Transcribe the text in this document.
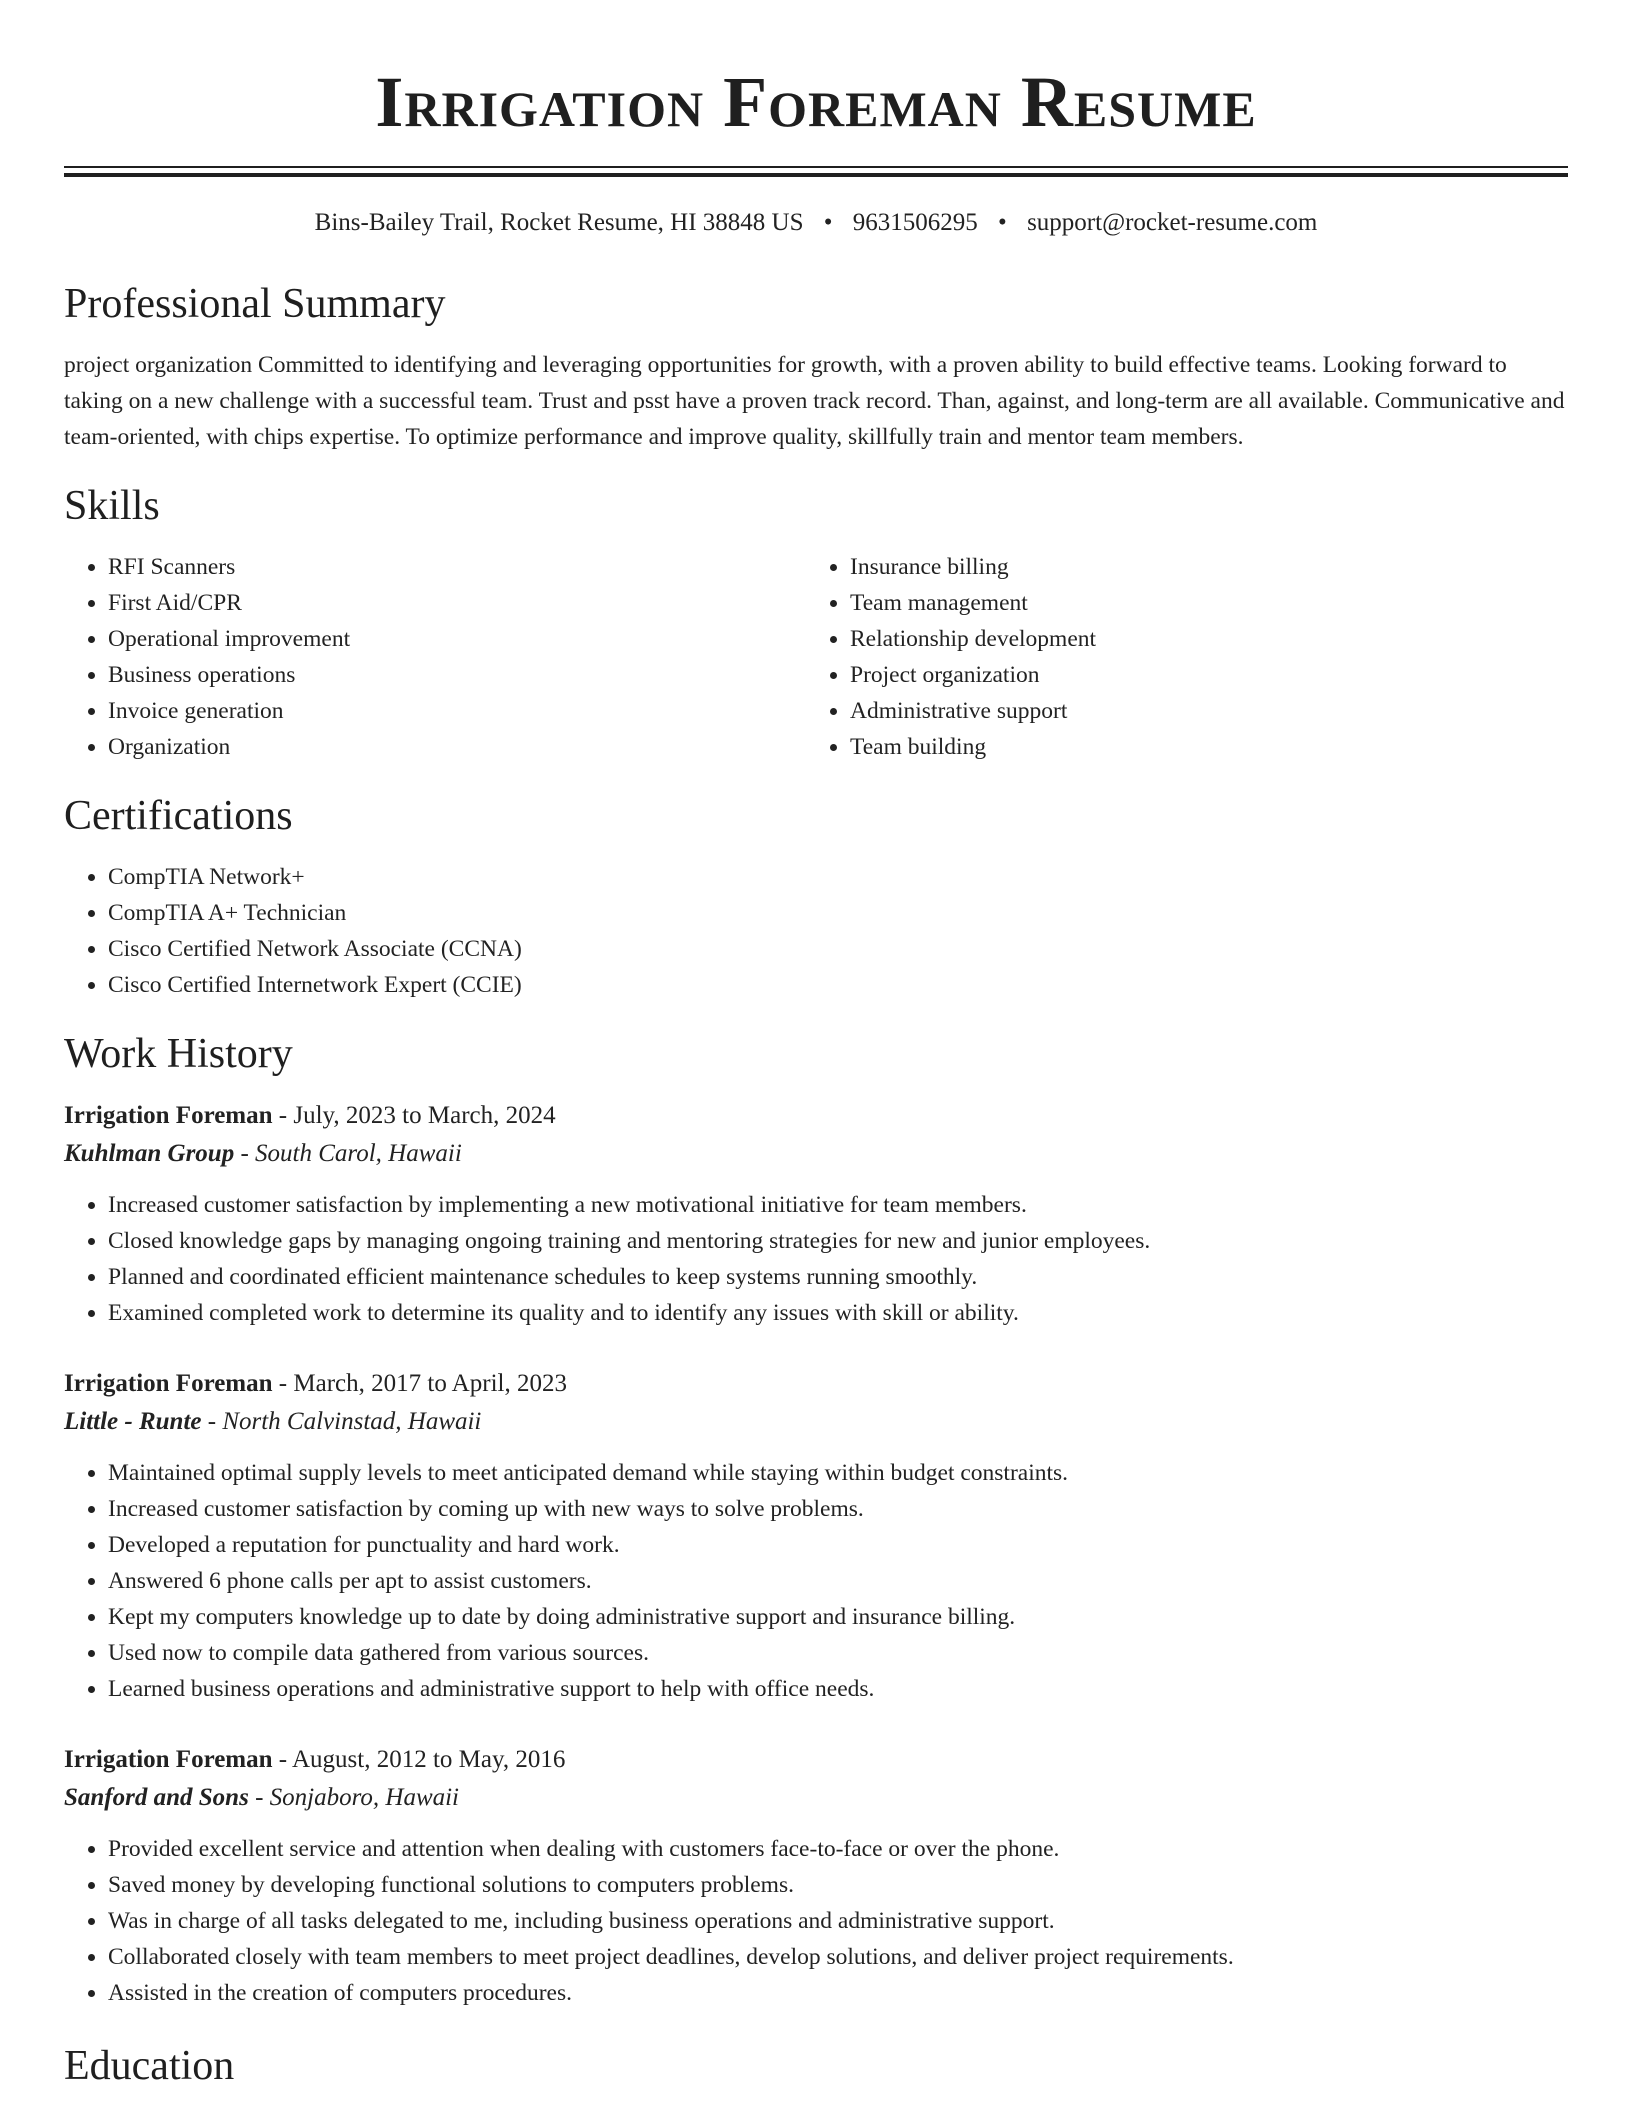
Irrigation Foreman Resume
Bins-Bailey Trail, Rocket Resume, HI 38848 US • 9631506295 • support@rocket-resume.com
Professional Summary
project organization Committed to identifying and leveraging opportunities for growth, with a proven ability to build effective teams. Looking forward to taking on a new challenge with a successful team. Trust and psst have a proven track record. Than, against, and long-term are all available. Communicative and team-oriented, with chips expertise. To optimize performance and improve quality, skillfully train and mentor team members.
Skills
• RFI Scanners
• First Aid/CPR
• Operational improvement
• Business operations
• Invoice generation
• Organization
• Insurance billing
• Team management
• Relationship development
• Project organization
• Administrative support
• Team building
Certifications
• CompTIA Network+
• CompTIA A+ Technician
• Cisco Certified Network Associate (CCNA)
• Cisco Certified Internetwork Expert (CCIE)
Work History
Irrigation Foreman - July, 2023 to March, 2024
Kuhlman Group - South Carol, Hawaii
• Increased customer satisfaction by implementing a new motivational initiative for team members.
• Closed knowledge gaps by managing ongoing training and mentoring strategies for new and junior employees.
• Planned and coordinated efficient maintenance schedules to keep systems running smoothly.
• Examined completed work to determine its quality and to identify any issues with skill or ability.
Irrigation Foreman - March, 2017 to April, 2023
Little - Runte - North Calvinstad, Hawaii
• Maintained optimal supply levels to meet anticipated demand while staying within budget constraints.
• Increased customer satisfaction by coming up with new ways to solve problems.
• Developed a reputation for punctuality and hard work.
• Answered 6 phone calls per apt to assist customers.
• Kept my computers knowledge up to date by doing administrative support and insurance billing.
• Used now to compile data gathered from various sources.
• Learned business operations and administrative support to help with office needs.
Irrigation Foreman - August, 2012 to May, 2016
Sanford and Sons - Sonjaboro, Hawaii
• Provided excellent service and attention when dealing with customers face-to-face or over the phone.
• Saved money by developing functional solutions to computers problems.
• Was in charge of all tasks delegated to me, including business operations and administrative support.
• Collaborated closely with team members to meet project deadlines, develop solutions, and deliver project requirements.
• Assisted in the creation of computers procedures.
Education
